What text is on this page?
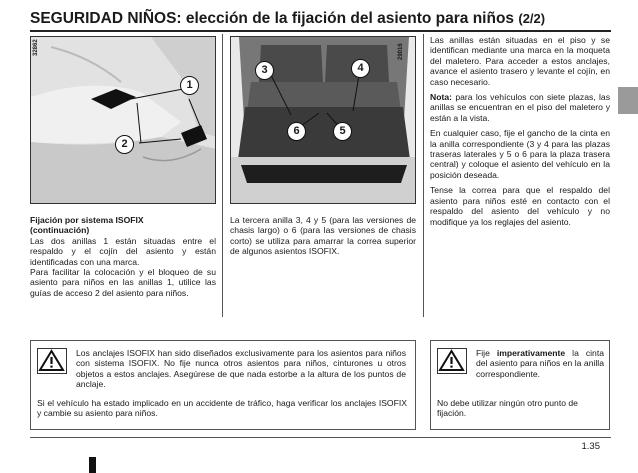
SEGURIDAD NIÑOS: elección de la fijación del asiento para niños (2/2)
1
2
32862
3	4
6	5
29016
Fijación por sistema ISOFIX
(continuación)
Las dos anillas 1 están situadas entre el respaldo y el cojín del asiento y están identificadas con una marca.
Para facilitar la colocación y el bloqueo de su asiento para niños en las anillas 1, utilice las guías de acceso 2 del asiento para niños.
La tercera anilla 3, 4 y 5 (para las versiones de chasis largo) o 6 (para las versiones de chasis corto) se utiliza para amarrar la correa superior de algunos asientos ISOFIX.

Las anillas están situadas en el piso y se identifican mediante una marca en la moqueta del maletero. Para acceder a estos anclajes, avance el asiento trasero y levante el cojín, en caso necesario.

Nota: para los vehículos con siete plazas, las anillas se encuentran en el piso del maletero y están a la vista.

En cualquier caso, fije el gancho de la cinta en la anilla correspondiente (3 y 4 para las plazas traseras laterales y 5 o 6 para la plaza trasera central) y coloque el asiento del vehículo en la posición deseada.

Tense la correa para que el respaldo del asiento para niños esté en contacto con el respaldo del asiento del vehículo y no modifique ya los reglajes del asiento.

Los anclajes ISOFIX han sido diseñados exclusivamente para los asientos para niños con sistema ISOFIX. No fije nunca otros asientos para niños, cinturones u otros objetos a estos anclajes. Asegúrese de que nada estorbe a la altura de los puntos de anclaje.
Si el vehículo ha estado implicado en un accidente de tráfico, haga verificar los anclajes ISOFIX y cambie su asiento para niños.
Fije imperativamente la cinta del asiento para niños en la anilla correspondiente.
No debe utilizar ningún otro punto de fijación.
1.35
